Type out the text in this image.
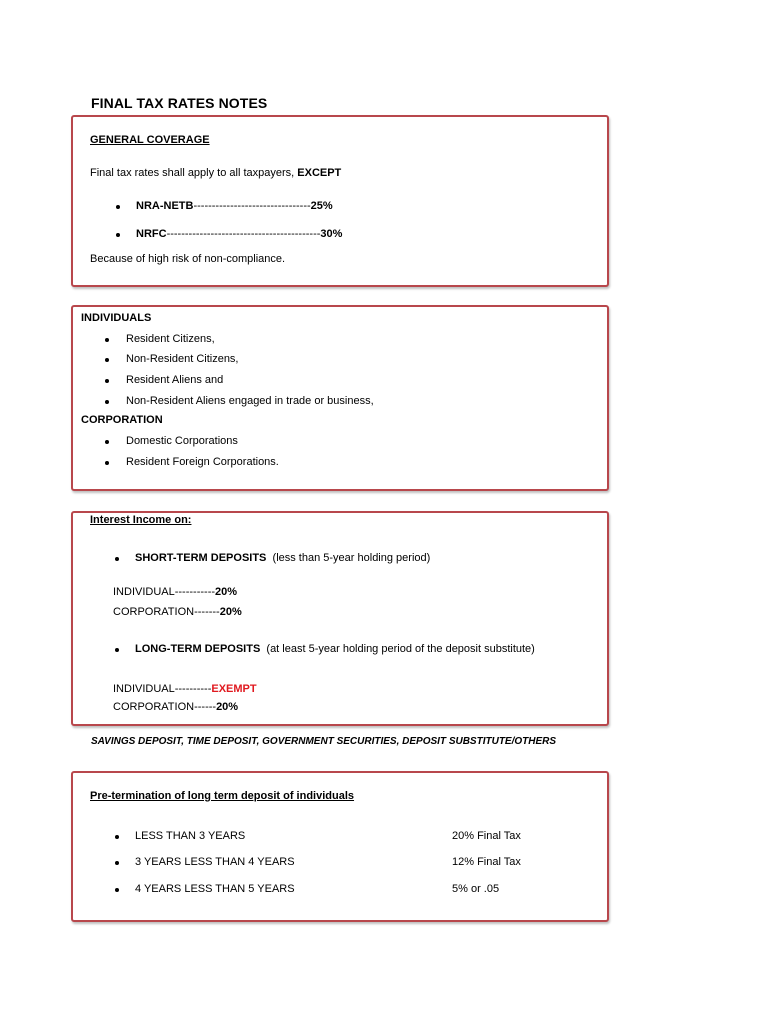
FINAL TAX RATES NOTES
GENERAL COVERAGE
Final tax rates shall apply to all taxpayers, EXCEPT
NRA-NETB--------------------------------25%
NRFC------------------------------------------30%
Because of high risk of non-compliance.
INDIVIDUALS
Resident Citizens,
Non-Resident Citizens,
Resident Aliens and
Non-Resident Aliens engaged in trade or business,
CORPORATION
Domestic Corporations
Resident Foreign Corporations.
Interest Income on:
SHORT-TERM DEPOSITS (less than 5-year holding period)
INDIVIDUAL-----------20%
CORPORATION-------20%
LONG-TERM DEPOSITS (at least 5-year holding period of the deposit substitute)
INDIVIDUAL----------EXEMPT
CORPORATION------20%
SAVINGS DEPOSIT, TIME DEPOSIT, GOVERNMENT SECURITIES, DEPOSIT SUBSTITUTE/OTHERS
Pre-termination of long term deposit of individuals
LESS THAN 3 YEARS	20% Final Tax
3 YEARS LESS THAN 4 YEARS	12% Final Tax
4 YEARS LESS THAN 5 YEARS	5% or .05
